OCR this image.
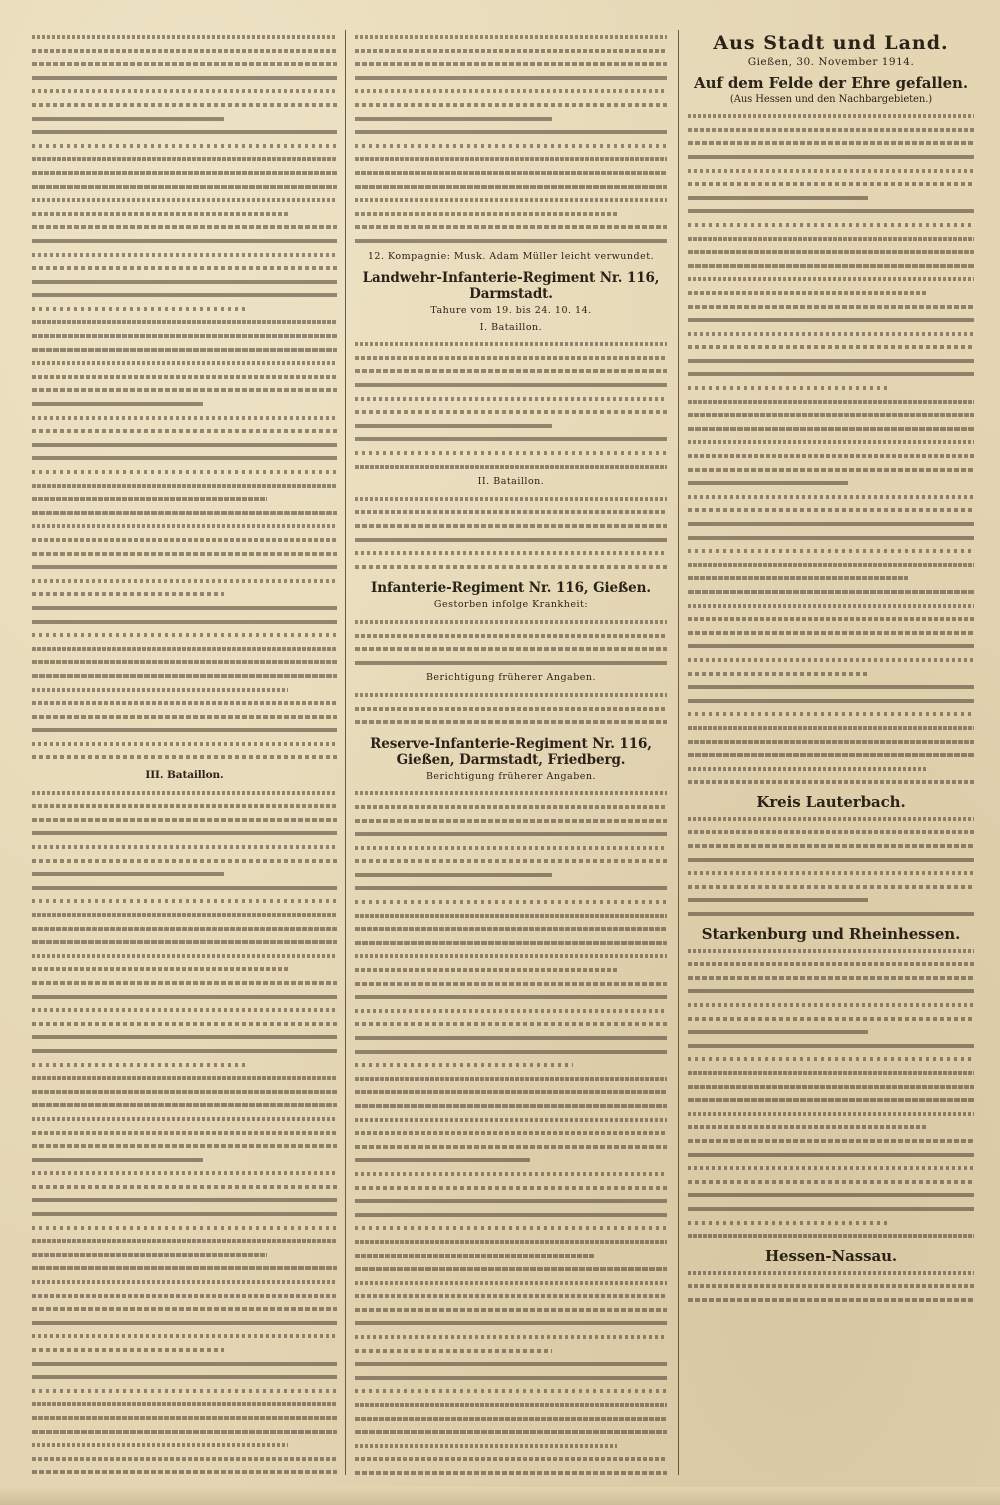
III. Bataillon.
12. Kompagnie: Musk. Adam Müller leicht verwundet.
Landwehr-Infanterie-Regiment Nr. 116, Darmstadt.
Tahure vom 19. bis 24. 10. 14.
I. Bataillon.
II. Bataillon.
Infanterie-Regiment Nr. 116, Gießen.
Gestorben infolge Krankheit:
Berichtigung früherer Angaben.
Reserve-Infanterie-Regiment Nr. 116, Gießen, Darmstadt, Friedberg.
Berichtigung früherer Angaben.
Aus Stadt und Land.
Gießen, 30. November 1914.
Auf dem Felde der Ehre gefallen.
(Aus Hessen und den Nachbargebieten.)
Kreis Lauterbach.
Starkenburg und Rheinhessen.
Hessen-Nassau.
